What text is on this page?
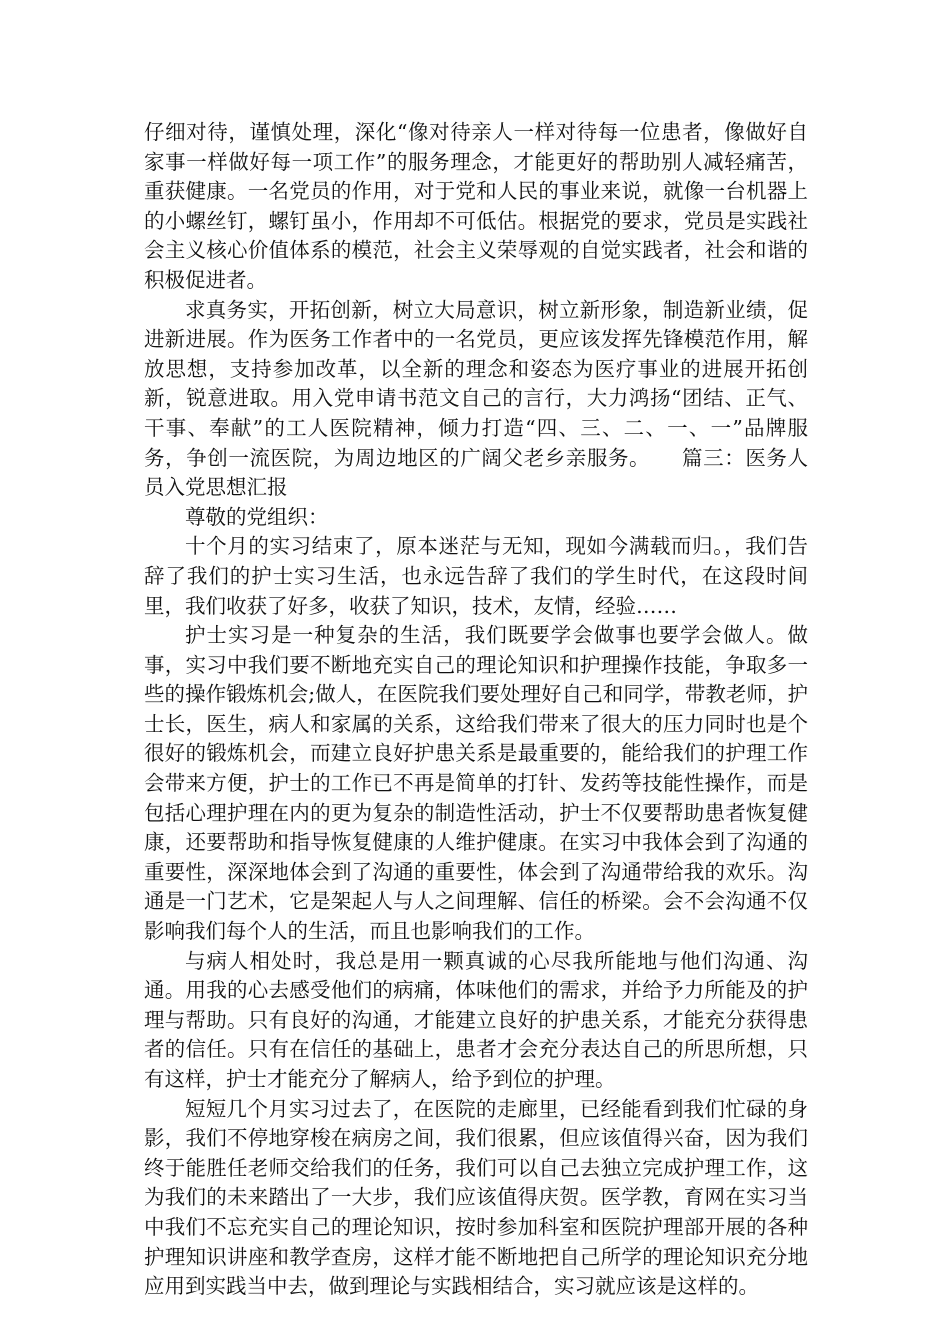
仔细对待，谨慎处理，深化“像对待亲人一样对待每一位患者，像做好自家事一样做好每一项工作”的服务理念，才能更好的帮助别人减轻痛苦，重获健康。一名党员的作用，对于党和人民的事业来说，就像一台机器上的小螺丝钉，螺钉虽小，作用却不可低估。根据党的要求，党员是实践社会主义核心价值体系的模范，社会主义荣辱观的自觉实践者，社会和谐的积极促进者。

求真务实，开拓创新，树立大局意识，树立新形象，制造新业绩，促进新进展。作为医务工作者中的一名党员，更应该发挥先锋模范作用，解放思想，支持参加改革，以全新的理念和姿态为医疗事业的进展开拓创新，锐意进取。用入党申请书范文自己的言行，大力鸿扬“团结、正气、干事、奉献”的工人医院精神，倾力打造“四、三、二、一、一”品牌服务，争创一流医院，为周边地区的广阔父老乡亲服务。　　篇三：医务人员入党思想汇报

尊敬的党组织：

十个月的实习结束了，原本迷茫与无知，现如今满载而归。，我们告辞了我们的护士实习生活，也永远告辞了我们的学生时代，在这段时间里，我们收获了好多，收获了知识，技术，友情，经验……

护士实习是一种复杂的生活，我们既要学会做事也要学会做人。做事，实习中我们要不断地充实自己的理论知识和护理操作技能，争取多一些的操作锻炼机会;做人，在医院我们要处理好自己和同学，带教老师，护士长，医生，病人和家属的关系，这给我们带来了很大的压力同时也是个很好的锻炼机会，而建立良好护患关系是最重要的，能给我们的护理工作会带来方便，护士的工作已不再是简单的打针、发药等技能性操作，而是包括心理护理在内的更为复杂的制造性活动，护士不仅要帮助患者恢复健康，还要帮助和指导恢复健康的人维护健康。在实习中我体会到了沟通的重要性，深深地体会到了沟通的重要性，体会到了沟通带给我的欢乐。沟通是一门艺术，它是架起人与人之间理解、信任的桥梁。会不会沟通不仅影响我们每个人的生活，而且也影响我们的工作。

与病人相处时，我总是用一颗真诚的心尽我所能地与他们沟通、沟通。用我的心去感受他们的病痛，体味他们的需求，并给予力所能及的护理与帮助。只有良好的沟通，才能建立良好的护患关系，才能充分获得患者的信任。只有在信任的基础上，患者才会充分表达自己的所思所想，只有这样，护士才能充分了解病人，给予到位的护理。

短短几个月实习过去了，在医院的走廊里，已经能看到我们忙碌的身影，我们不停地穿梭在病房之间，我们很累，但应该值得兴奋，因为我们终于能胜任老师交给我们的任务，我们可以自己去独立完成护理工作，这为我们的未来踏出了一大步，我们应该值得庆贺。医学教，育网在实习当中我们不忘充实自己的理论知识，按时参加科室和医院护理部开展的各种护理知识讲座和教学查房，这样才能不断地把自己所学的理论知识充分地应用到实践当中去，做到理论与实践相结合，实习就应该是这样的。
